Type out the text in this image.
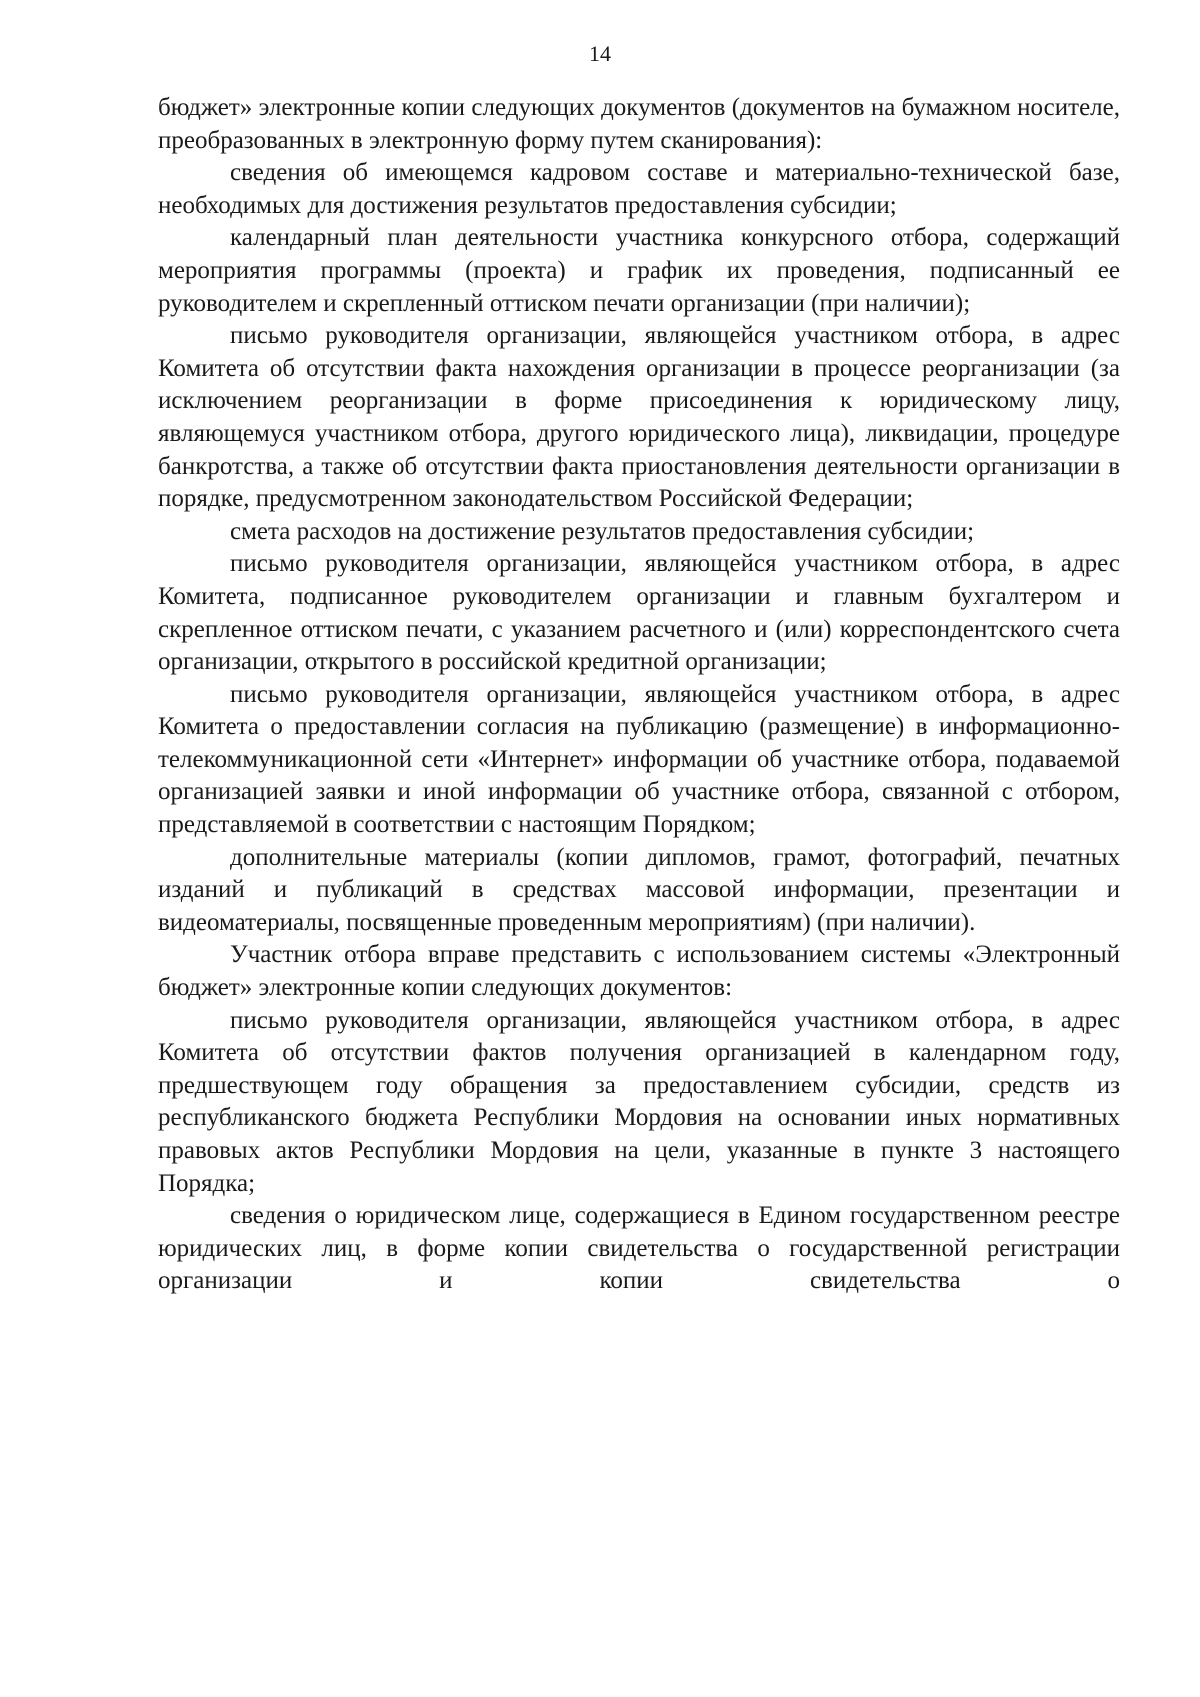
14

бюджет» электронные копии следующих документов (документов на бумажном носителе, преобразованных в электронную форму путем сканирования):

сведения об имеющемся кадровом составе и материально-технической базе, необходимых для достижения результатов предоставления субсидии;

календарный план деятельности участника конкурсного отбора, содержащий мероприятия программы (проекта) и график их проведения, подписанный ее руководителем и скрепленный оттиском печати организации (при наличии);

письмо руководителя организации, являющейся участником отбора, в адрес Комитета об отсутствии факта нахождения организации в процессе реорганизации (за исключением реорганизации в форме присоединения к юридическому лицу, являющемуся участником отбора, другого юридического лица), ликвидации, процедуре банкротства, а также об отсутствии факта приостановления деятельности организации в порядке, предусмотренном законодательством Российской Федерации;

смета расходов на достижение результатов предоставления субсидии;

письмо руководителя организации, являющейся участником отбора, в адрес Комитета, подписанное руководителем организации и главным бухгалтером и скрепленное оттиском печати, с указанием расчетного и (или) корреспондентского счета организации, открытого в российской кредитной организации;

письмо руководителя организации, являющейся участником отбора, в адрес Комитета о предоставлении согласия на публикацию (размещение) в информационно-телекоммуникационной сети «Интернет» информации об участнике отбора, подаваемой организацией заявки и иной информации об участнике отбора, связанной с отбором, представляемой в соответствии с настоящим Порядком;

дополнительные материалы (копии дипломов, грамот, фотографий, печатных изданий и публикаций в средствах массовой информации, презентации и видеоматериалы, посвященные проведенным мероприятиям) (при наличии).

Участник отбора вправе представить с использованием системы «Электронный бюджет» электронные копии следующих документов:

письмо руководителя организации, являющейся участником отбора, в адрес Комитета об отсутствии фактов получения организацией в календарном году, предшествующем году обращения за предоставлением субсидии, средств из республиканского бюджета Республики Мордовия на основании иных нормативных правовых актов Республики Мордовия на цели, указанные в пункте 3 настоящего Порядка;

сведения о юридическом лице, содержащиеся в Едином государственном реестре юридических лиц, в форме копии свидетельства о государственной регистрации организации и копии свидетельства о
